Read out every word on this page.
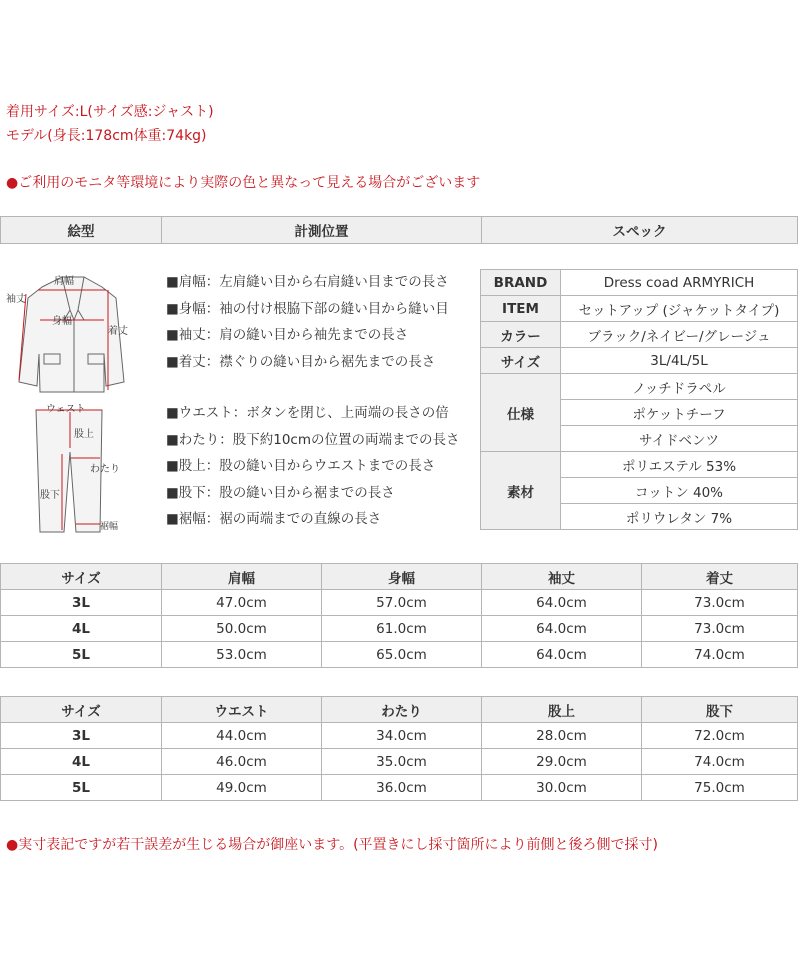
着用サイズ:L(サイズ感:ジャスト)
モデル(身長:178cm体重:74kg)
●ご利用のモニタ等環境により実際の色と異なって見える場合がございます
絵型	計測位置	スペック
肩幅
身幅
袖丈
着丈
ウェスト
股上
わたり
股下
裾幅
■肩幅：左肩縫い目から右肩縫い目までの長さ
■身幅：袖の付け根脇下部の縫い目から縫い目
■袖丈：肩の縫い目から袖先までの長さ
■着丈：襟ぐりの縫い目から裾先までの長さ
■ウエスト：ボタンを閉じ、上両端の長さの倍
■わたり：股下約10cmの位置の両端までの長さ
■股上：股の縫い目からウエストまでの長さ
■股下：股の縫い目から裾までの長さ
■裾幅：裾の両端までの直線の長さ
BRAND	Dress coad ARMYRICH
ITEM	セットアップ (ジャケットタイプ)
カラー	ブラック/ネイビー/グレージュ
サイズ	3L/4L/5L
仕様	ノッチドラペル
	ポケットチーフ
	サイドベンツ
素材	ポリエステル 53%
	コットン 40%
	ポリウレタン 7%
サイズ	肩幅	身幅	袖丈	着丈
3L	47.0cm	57.0cm	64.0cm	73.0cm
4L	50.0cm	61.0cm	64.0cm	73.0cm
5L	53.0cm	65.0cm	64.0cm	74.0cm
サイズ	ウエスト	わたり	股上	股下
3L	44.0cm	34.0cm	28.0cm	72.0cm
4L	46.0cm	35.0cm	29.0cm	74.0cm
5L	49.0cm	36.0cm	30.0cm	75.0cm
●実寸表記ですが若干誤差が生じる場合が御座います。(平置きにし採寸箇所により前側と後ろ側で採寸)
